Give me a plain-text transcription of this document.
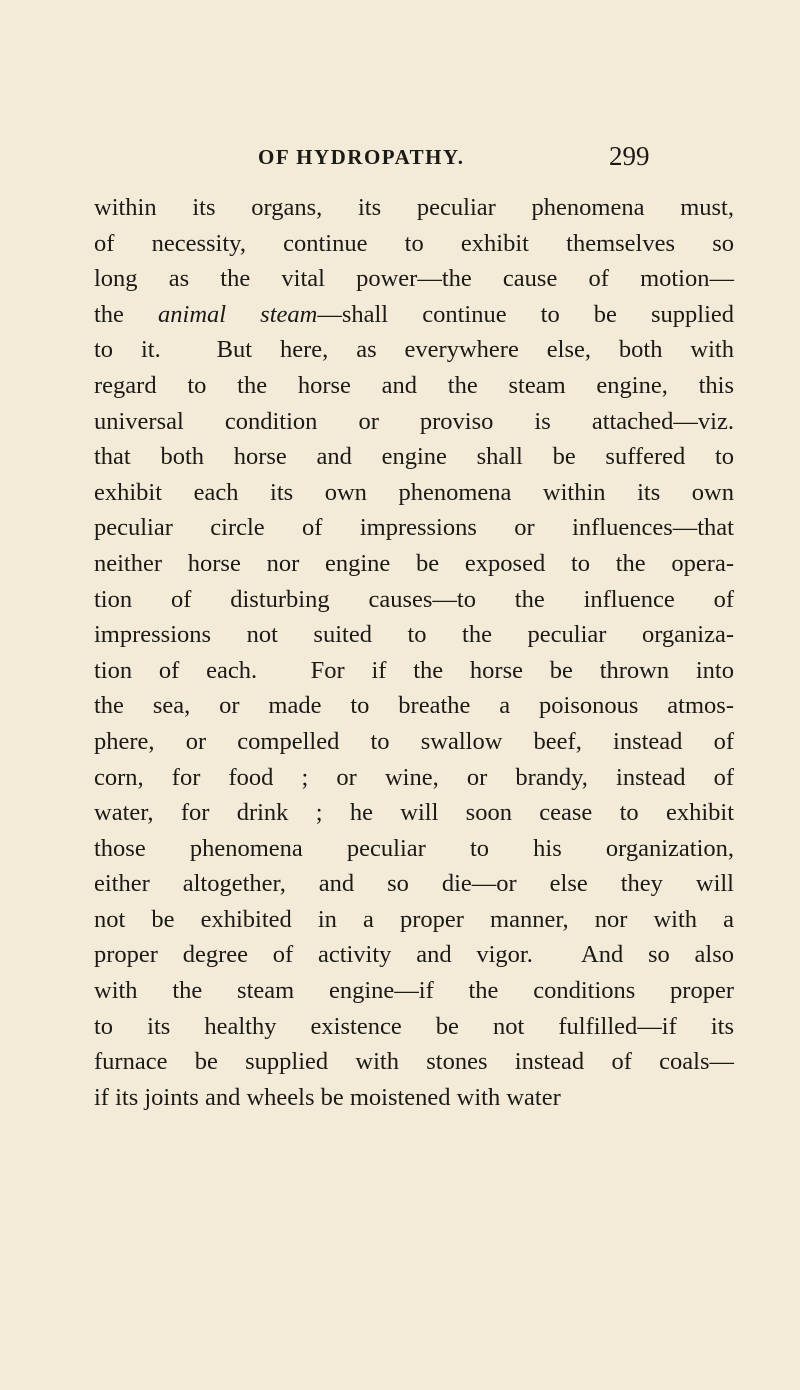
OF HYDROPATHY.	299
within its organs, its peculiar phenomena must,
of necessity, continue to exhibit themselves so
long as the vital power—the cause of motion—
the animal steam—shall continue to be supplied
to it.  But here, as everywhere else, both with
regard to the horse and the steam engine, this
universal condition or proviso is attached—viz.
that both horse and engine shall be suffered to
exhibit each its own phenomena within its own
peculiar circle of impressions or influences—that
neither horse nor engine be exposed to the opera-
tion of disturbing causes—to the influence of
impressions not suited to the peculiar organiza-
tion of each.  For if the horse be thrown into
the sea, or made to breathe a poisonous atmos-
phere, or compelled to swallow beef, instead of
corn, for food ; or wine, or brandy, instead of
water, for drink ; he will soon cease to exhibit
those phenomena peculiar to his organization,
either altogether, and so die—or else they will
not be exhibited in a proper manner, nor with a
proper degree of activity and vigor.  And so also
with the steam engine—if the conditions proper
to its healthy existence be not fulfilled—if its
furnace be supplied with stones instead of coals—
if its joints and wheels be moistened with water
